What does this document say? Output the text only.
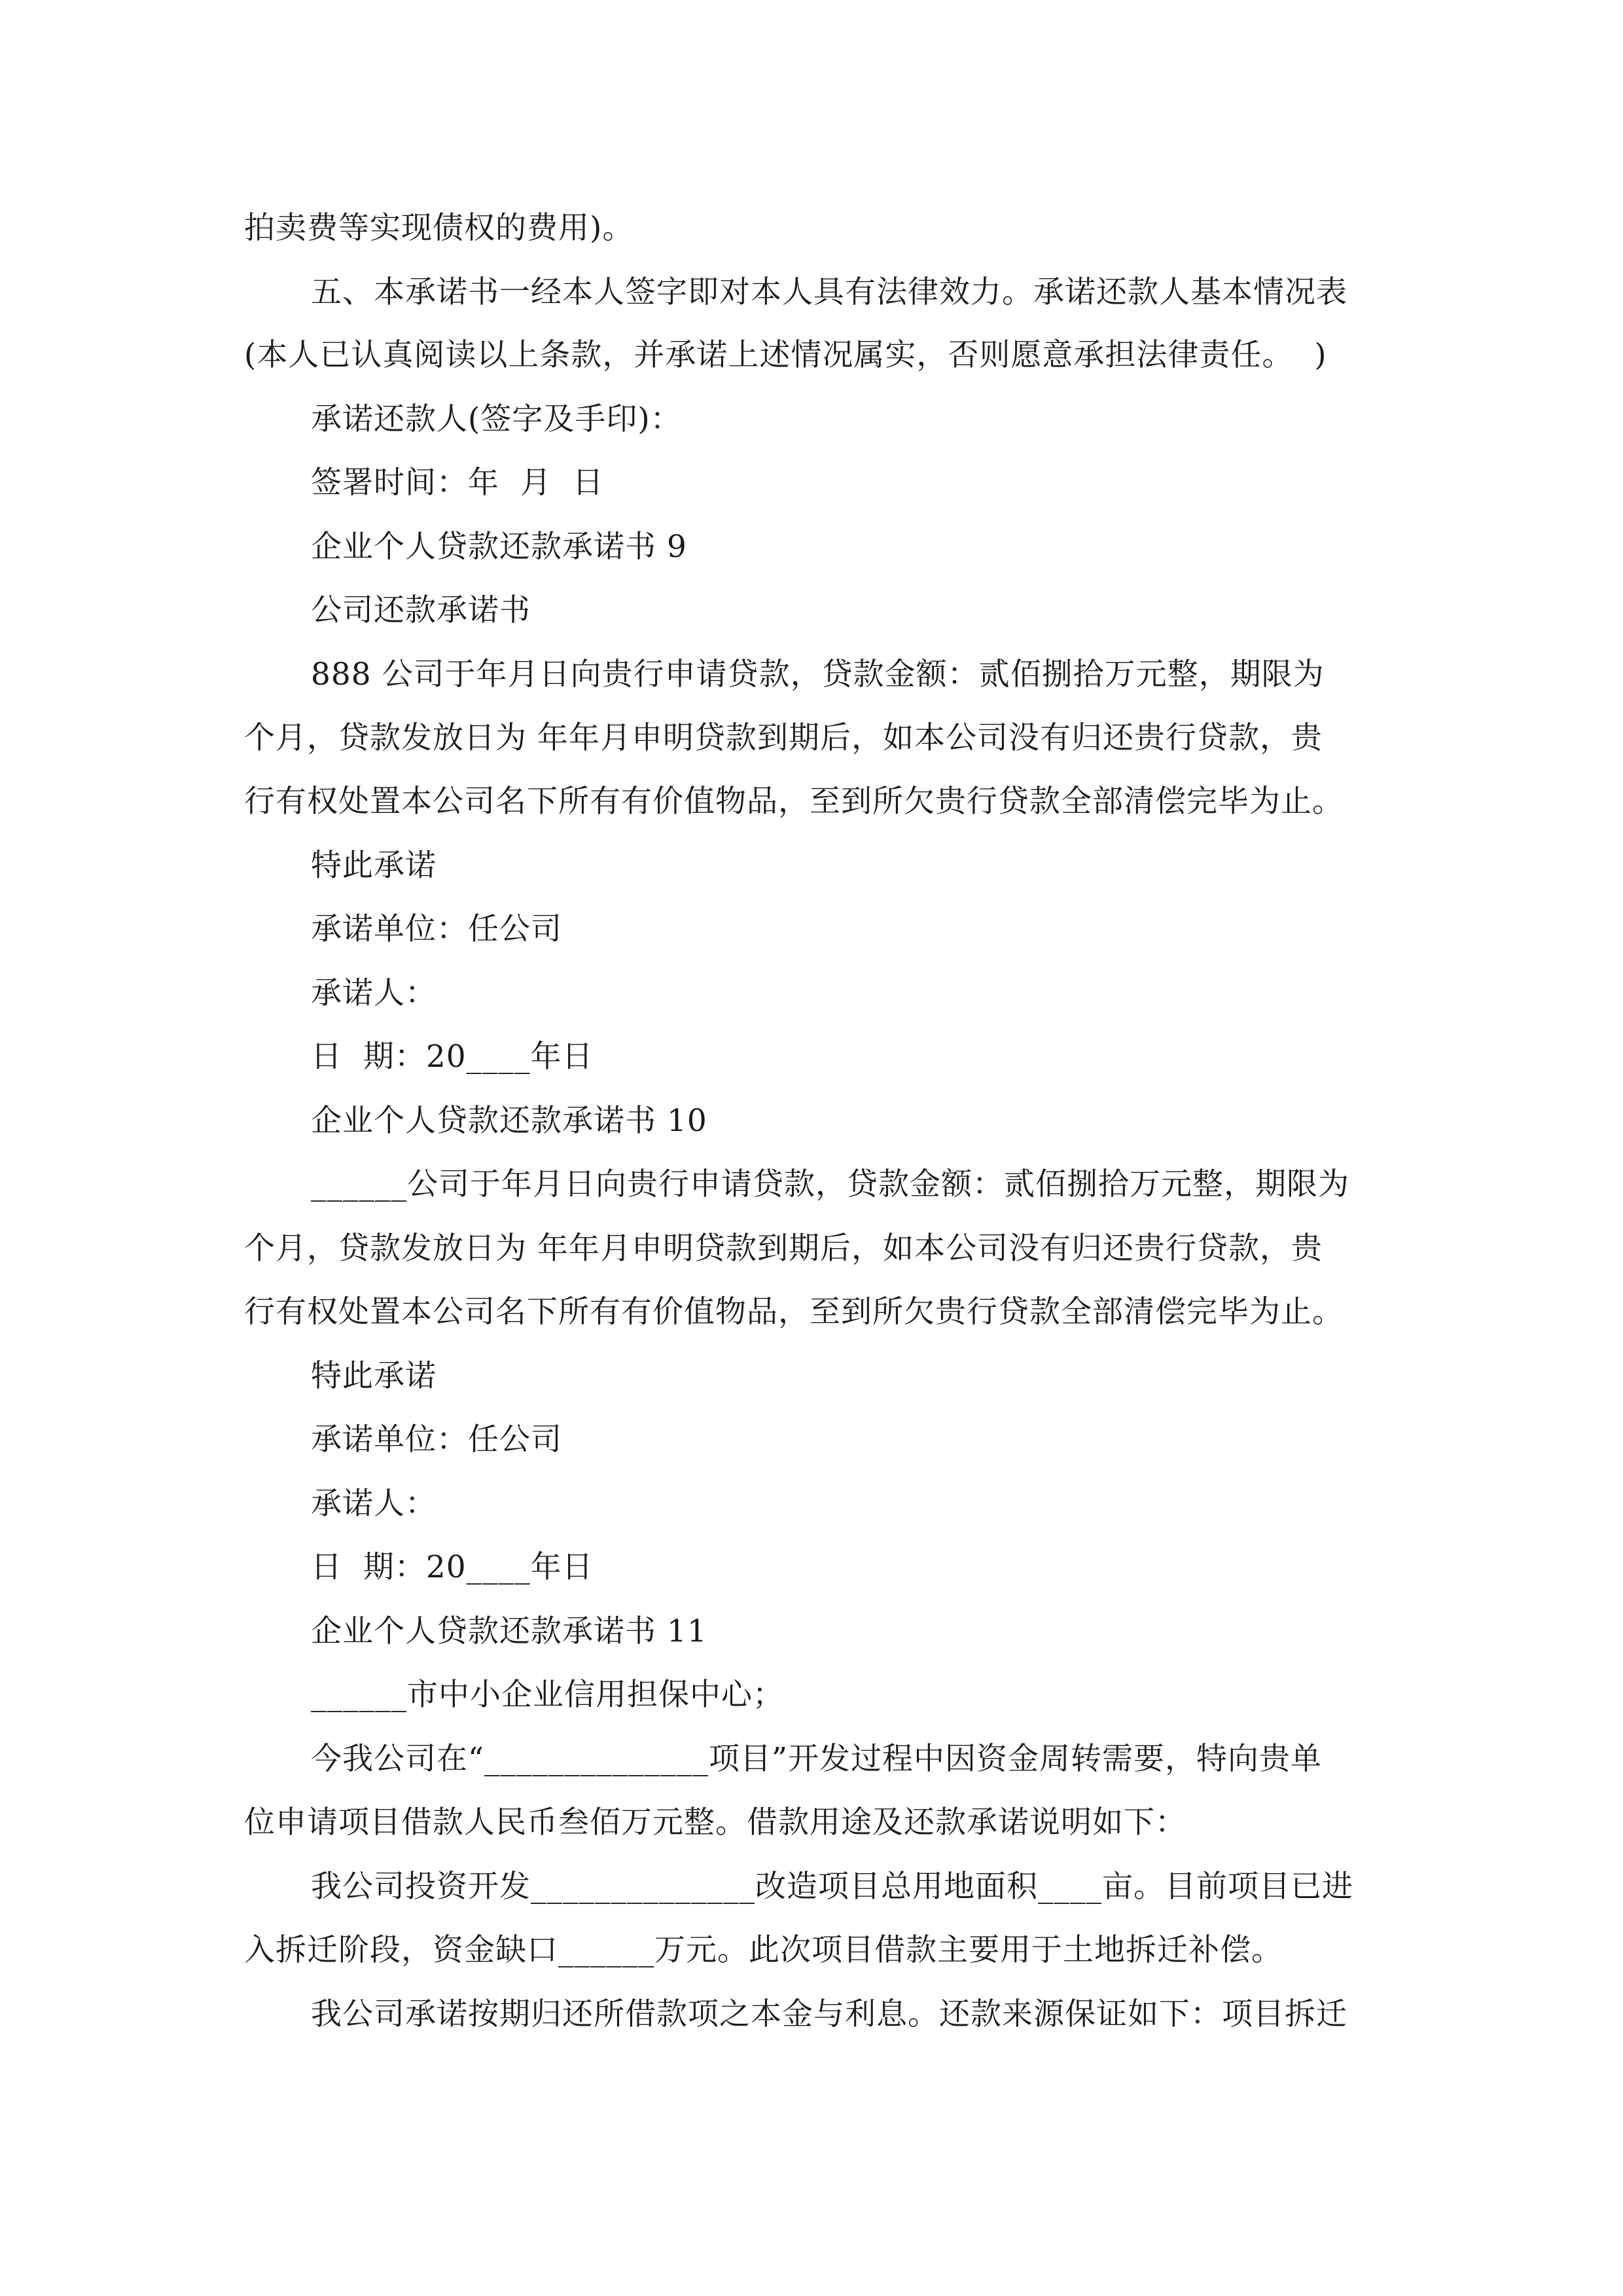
拍卖费等实现债权的费用)。
五、本承诺书一经本人签字即对本人具有法律效力。承诺还款人基本情况表
(本人已认真阅读以上条款，并承诺上述情况属实，否则愿意承担法律责任。  )
承诺还款人(签字及手印)：
签署时间：年  月  日
企业个人贷款还款承诺书 9
公司还款承诺书
888 公司于年月日向贵行申请贷款，贷款金额：贰佰捌拾万元整，期限为
个月，贷款发放日为 年年月申明贷款到期后，如本公司没有归还贵行贷款，贵
行有权处置本公司名下所有有价值物品，至到所欠贵行贷款全部清偿完毕为止。
特此承诺
承诺单位：任公司
承诺人：
日  期：20____年日
企业个人贷款还款承诺书 10
______公司于年月日向贵行申请贷款，贷款金额：贰佰捌拾万元整，期限为
个月，贷款发放日为 年年月申明贷款到期后，如本公司没有归还贵行贷款，贵
行有权处置本公司名下所有有价值物品，至到所欠贵行贷款全部清偿完毕为止。
特此承诺
承诺单位：任公司
承诺人：
日  期：20____年日
企业个人贷款还款承诺书 11
______市中小企业信用担保中心；
今我公司在“______________项目”开发过程中因资金周转需要，特向贵单
位申请项目借款人民币叁佰万元整。借款用途及还款承诺说明如下：
我公司投资开发______________改造项目总用地面积____亩。目前项目已进
入拆迁阶段，资金缺口______万元。此次项目借款主要用于土地拆迁补偿。
我公司承诺按期归还所借款项之本金与利息。还款来源保证如下：项目拆迁
